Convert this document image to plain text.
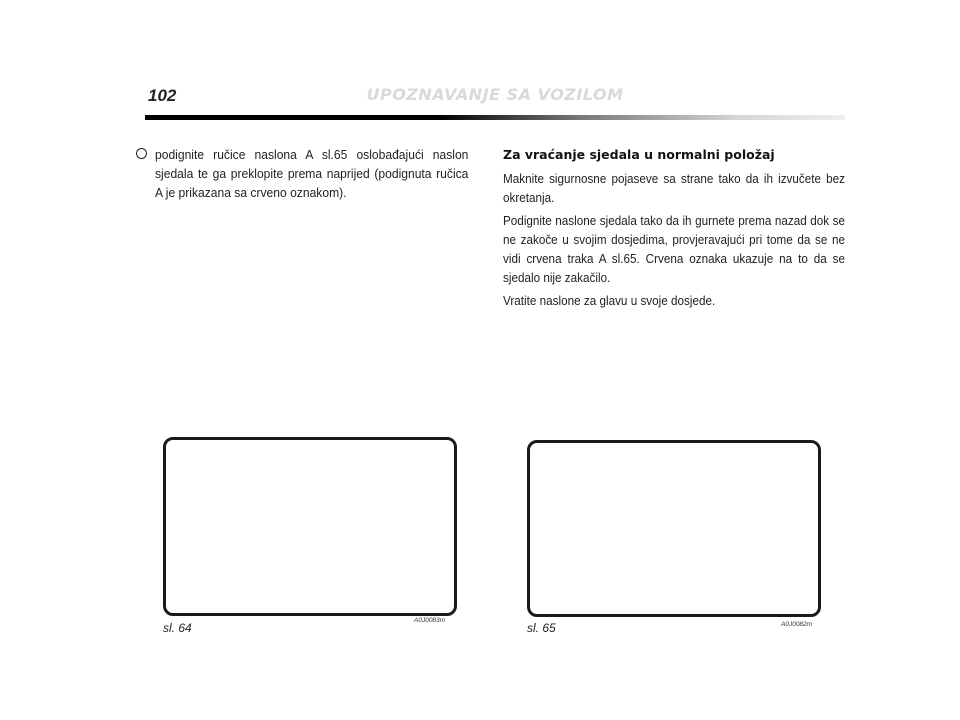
102	UPOZNAVANJE SA VOZILOM
podignite ručice naslona A sl.65 oslobađajući naslon sjedala te ga preklopite prema naprijed (podignuta ručica A je prikazana sa crveno oznakom).
Za vraćanje sjedala u normalni položaj

Maknite sigurnosne pojaseve sa strane tako da ih izvučete bez okretanja.

Podignite naslone sjedala tako da ih gurnete prema nazad dok se ne zakoče u svojim dosjedima, provjeravajući pri tome da se ne vidi crvena traka A sl.65. Crvena oznaka ukazuje na to da se sjedalo nije zakačilo.

Vratite naslone za glavu u svoje dosjede.

sl. 64
A0J0083m
sl. 65	A0J0082m
